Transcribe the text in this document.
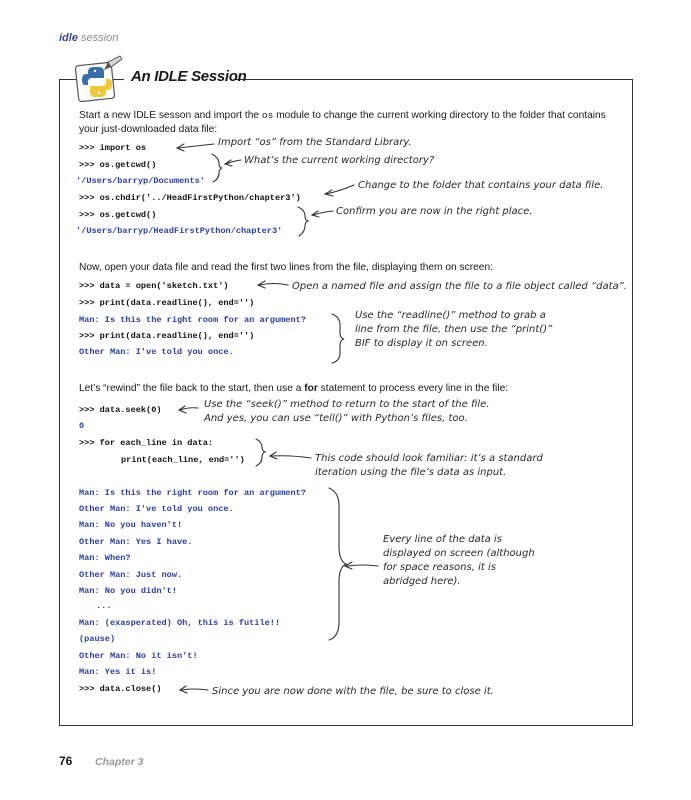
idle session
An IDLE Session
Start a new IDLE sesson and import the os module to change the current working directory to the folder that contains your just-downloaded data file:
>>> import os
>>> os.getcwd()
'/Users/barryp/Documents'
>>> os.chdir('../HeadFirstPython/chapter3')
>>> os.getcwd()
'/Users/barryp/HeadFirstPython/chapter3'
Import “os” from the Standard Library.
What’s the current working directory?
Change to the folder that contains your data file.
Confirm you are now in the right place.
Now, open your data file and read the first two lines from the file, displaying them on screen:
>>> data = open('sketch.txt')
>>> print(data.readline(), end='')
Man: Is this the right room for an argument?
>>> print(data.readline(), end='')
Other Man: I've told you once.
Open a named file and assign the file to a file object called “data”.
Use the “readline()” method to grab a
line from the file, then use the “print()”
BIF to display it on screen.
Let’s “rewind” the file back to the start, then use a for statement to process every line in the file:
>>> data.seek(0)
0
>>> for each_line in data:
print(each_line, end='')
Use the “seek()” method to return to the start of the file.
And yes, you can use “tell()” with Python’s files, too.
This code should look familiar: it’s a standard
iteration using the file’s data as input.
Man: Is this the right room for an argument?
Other Man: I've told you once.
Man: No you haven't!
Other Man: Yes I have.
Man: When?
Other Man: Just now.
Man: No you didn't!
...
Man: (exasperated) Oh, this is futile!!
(pause)
Other Man: No it isn't!
Man: Yes it is!
>>> data.close()
Every line of the data is
displayed on screen (although
for space reasons, it is
abridged here).
Since you are now done with the file, be sure to close it.
76 Chapter 3
